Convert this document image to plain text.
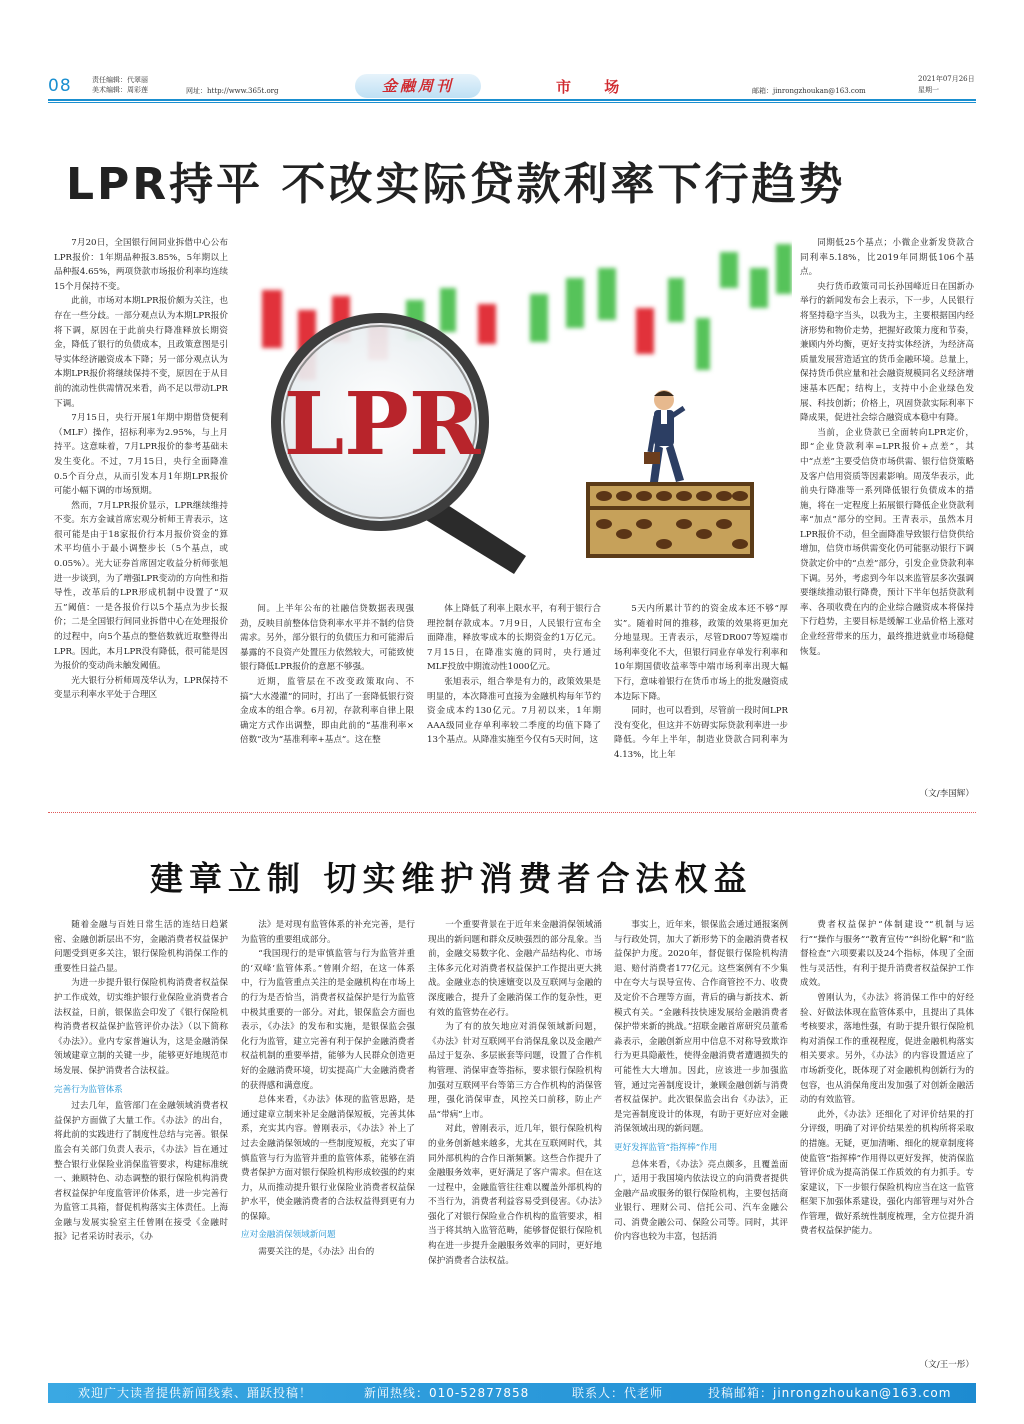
08	责任编辑：代翠丽
美术编辑：周彩莲	网址：http://www.365t.org	金融周刊	市 场	邮箱：jinrongzhoukan@163.com
2021年07月26日
星期一
LPR持平 不改实际贷款利率下行趋势

7月20日，全国银行间同业拆借中心公布LPR报价：1年期品种报3.85%，5年期以上品种报4.65%，两项贷款市场报价利率均连续15个月保持不变。

此前，市场对本期LPR报价颇为关注，也存在一些分歧。一部分观点认为本期LPR报价将下调，原因在于此前央行降准释放长期资金，降低了银行的负债成本，且政策意图是引导实体经济融资成本下降；另一部分观点认为本期LPR报价将继续保持不变，原因在于从目前的流动性供需情况来看，尚不足以带动LPR下调。

7月15日，央行开展1年期中期借贷便利（MLF）操作，招标利率为2.95%，与上月持平。这意味着，7月LPR报价的参考基础未发生变化。不过，7月15日，央行全面降准0.5个百分点，从而引发本月1年期LPR报价可能小幅下调的市场预期。

然而，7月LPR报价显示，LPR继续维持不变。东方金诚首席宏观分析师王青表示，这很可能是由于18家报价行本月报价资金的算术平均值小于最小调整步长（5个基点，或0.05%）。光大证券首席固定收益分析师张旭进一步谈到，为了增强LPR变动的方向性和指导性，改革后的LPR形成机制中设置了“双五”阈值：一是各报价行以5个基点为步长报价；二是全国银行间同业拆借中心在处理报价的过程中，向5个基点的整倍数就近取整得出LPR。因此，本月LPR没有降低，很可能是因为报价的变动尚未触发阈值。

光大银行分析师周茂华认为，LPR保持不变显示利率水平处于合理区

间。上半年公布的社融信贷数据表现强劲，反映目前整体信贷利率水平并不制约信贷需求。另外，部分银行的负债压力和可能滞后暴露的不良资产处置压力依然较大，可能致使银行降低LPR报价的意愿不够强。

近期，监管层在不改变政策取向、不搞“大水漫灌”的同时，打出了一套降低银行资金成本的组合拳。6月初，存款利率自律上限确定方式作出调整，即由此前的“基准利率×倍数”改为“基准利率+基点”。这在整

体上降低了利率上限水平，有利于银行合理控制存款成本。7月9日，人民银行宣布全面降准，释放零成本的长期资金约1万亿元。7月15日，在降准实施的同时，央行通过MLF投放中期流动性1000亿元。

张旭表示，组合拳是有力的，政策效果是明显的，本次降准可直接为金融机构每年节约资金成本约130亿元。7月初以来，1年期AAA级同业存单利率较二季度的均值下降了13个基点。从降准实施至今仅有5天时间，这

5天内所累计节约的资金成本还不够“厚实”。随着时间的推移，政策的效果将更加充分地显现。王青表示，尽管DR007等短端市场利率变化不大，但银行同业存单发行利率和10年期国债收益率等中端市场利率出现大幅下行，意味着银行在货币市场上的批发融资成本边际下降。

同时，也可以看到，尽管前一段时间LPR没有变化，但这并不妨碍实际贷款利率进一步降低。今年上半年，制造业贷款合同利率为4.13%，比上年

同期低25个基点；小微企业新发贷款合同利率5.18%，比2019年同期低106个基点。

央行货币政策司司长孙国峰近日在国新办举行的新闻发布会上表示，下一步，人民银行将坚持稳字当头，以我为主，主要根据国内经济形势和物价走势，把握好政策力度和节奏，兼顾内外均衡，更好支持实体经济，为经济高质量发展营造适宜的货币金融环境。总量上，保持货币供应量和社会融资规模同名义经济增速基本匹配；结构上，支持中小企业绿色发展、科技创新；价格上，巩固贷款实际利率下降成果，促进社会综合融资成本稳中有降。

当前，企业贷款已全面转向LPR定价，即“企业贷款利率=LPR报价+点差”，其中“点差”主要受信贷市场供需、银行信贷策略及客户信用资质等因素影响。周茂华表示，此前央行降准等一系列降低银行负债成本的措施，将在一定程度上拓展银行降低企业贷款利率“加点”部分的空间。王青表示，虽然本月LPR报价不动，但全面降准导致银行信贷供给增加，信贷市场供需变化仍可能驱动银行下调贷款定价中的“点差”部分，引发企业贷款利率下调。另外，考虑到今年以来监管层多次强调要继续推动银行降费，预计下半年包括贷款利率、各项收费在内的企业综合融资成本将保持下行趋势，主要目标是缓解工业品价格上涨对企业经营带来的压力，最终推进就业市场稳健恢复。

（文/李国辉）
LPR
建章立制 切实维护消费者合法权益

随着金融与百姓日常生活的连结日趋紧密、金融创新层出不穷，金融消费者权益保护问题受到更多关注，银行保险机构消保工作的重要性日益凸显。

为进一步提升银行保险机构消费者权益保护工作成效，切实维护银行业保险业消费者合法权益，日前，银保监会印发了《银行保险机构消费者权益保护监管评价办法》（以下简称《办法》）。业内专家普遍认为，这是金融消保领域建章立制的关键一步，能够更好地规范市场发展、保护消费者合法权益。

完善行为监管体系

过去几年，监管部门在金融领域消费者权益保护方面做了大量工作。《办法》的出台，将此前的实践进行了制度性总结与完善。银保监会有关部门负责人表示，《办法》旨在通过整合银行业保险业消保监管要求，构建标准统一、兼顾特色、动态调整的银行保险机构消费者权益保护年度监管评价体系，进一步完善行为监管工具箱，督促机构落实主体责任。上海金融与发展实验室主任曾刚在接受《金融时报》记者采访时表示，《办

法》是对现有监管体系的补充完善，是行为监管的重要组成部分。

“我国现行的是审慎监管与行为监管并重的‘双峰’监管体系。”曾刚介绍，在这一体系中，行为监管重点关注的是金融机构在市场上的行为是否恰当，消费者权益保护是行为监管中极其重要的一部分。对此，银保监会方面也表示，《办法》的发布和实施，是银保监会强化行为监管，建立完善有利于保护金融消费者权益机制的重要举措，能够为人民群众创造更好的金融消费环境，切实提高广大金融消费者的获得感和满意度。

总体来看，《办法》体现的监管思路，是通过建章立制来补足金融消保短板，完善其体系，充实其内容。曾刚表示，《办法》补上了过去金融消保领域的一些制度短板，充实了审慎监管与行为监管并重的监管体系，能够在消费者保护方面对银行保险机构形成较强的约束力，从而推动提升银行业保险业消费者权益保护水平，使金融消费者的合法权益得到更有力的保障。

应对金融消保领域新问题

需要关注的是，《办法》出台的

一个重要背景在于近年来金融消保领域涌现出的新问题和群众反映强烈的部分乱象。当前，金融交易数字化、金融产品结构化、市场主体多元化对消费者权益保护工作提出更大挑战。金融业态的快速嬗变以及互联网与金融的深度融合，提升了金融消保工作的复杂性，更有效的监管势在必行。

为了有的放矢地应对消保领域新问题，《办法》针对互联网平台消保乱象以及金融产品过于复杂、多层嵌套等问题，设置了合作机构管理、消保审查等指标，要求银行保险机构加强对互联网平台等第三方合作机构的消保管理，强化消保审查，风控关口前移，防止产品“带病”上市。

对此，曾刚表示，近几年，银行保险机构的业务创新越来越多，尤其在互联网时代，其同外部机构的合作日渐频繁。这些合作提升了金融服务效率，更好满足了客户需求。但在这一过程中，金融监管往往难以覆盖外部机构的不当行为，消费者利益容易受到侵害。《办法》强化了对银行保险业合作机构的监管要求，相当于将其纳入监管范畴，能够督促银行保险机构在进一步提升金融服务效率的同时，更好地保护消费者合法权益。

事实上，近年来，银保监会通过通报案例与行政处罚，加大了新形势下的金融消费者权益保护力度。2020年，督促银行保险机构清退、赔付消费者177亿元。这些案例有不少集中在夸大与误导宣传、合作商管控不力、收费及定价不合理等方面，背后的确与新技术、新模式有关。“金融科技快速发展给金融消费者保护带来新的挑战。”招联金融首席研究员董希淼表示，金融创新应用中信息不对称导致欺诈行为更具隐蔽性，使得金融消费者遭遇损失的可能性大大增加。因此，应该进一步加强监管，通过完善制度设计，兼顾金融创新与消费者权益保护。此次银保监会出台《办法》，正是完善制度设计的体现，有助于更好应对金融消保领域出现的新问题。

更好发挥监管“指挥棒”作用

总体来看，《办法》亮点颇多，且覆盖面广，适用于我国境内依法设立的向消费者提供金融产品或服务的银行保险机构，主要包括商业银行、理财公司、信托公司、汽车金融公司、消费金融公司、保险公司等。同时，其评价内容也较为丰富，包括消

费者权益保护“体制建设”“机制与运行”“操作与服务”“教育宣传”“纠纷化解”和“监督检查”六项要素以及24个指标，体现了全面性与灵活性，有利于提升消费者权益保护工作成效。

曾刚认为，《办法》将消保工作中的好经验、好做法体现在监管体系中，且提出了具体考核要求，落地性强，有助于提升银行保险机构对消保工作的重视程度，促进金融机构落实相关要求。另外，《办法》的内容设置适应了市场新变化，既体现了对金融机构创新行为的包容，也从消保角度出发加强了对创新金融活动的有效监管。

此外，《办法》还细化了对评价结果的打分评级，明确了对评价结果差的机构所将采取的措施。无疑，更加清晰、细化的规章制度将使监管“指挥棒”作用得以更好发挥，使消保监管评价成为提高消保工作质效的有力抓手。专家建议，下一步银行保险机构应当在这一监管框架下加强体系建设，强化内部管理与对外合作管理，做好系统性制度梳理，全方位提升消费者权益保护能力。

（文/王一彤）
欢迎广大读者提供新闻线索、踊跃投稿！	新闻热线：010-52877858	联系人：代老师	投稿邮箱：jinrongzhoukan@163.com
